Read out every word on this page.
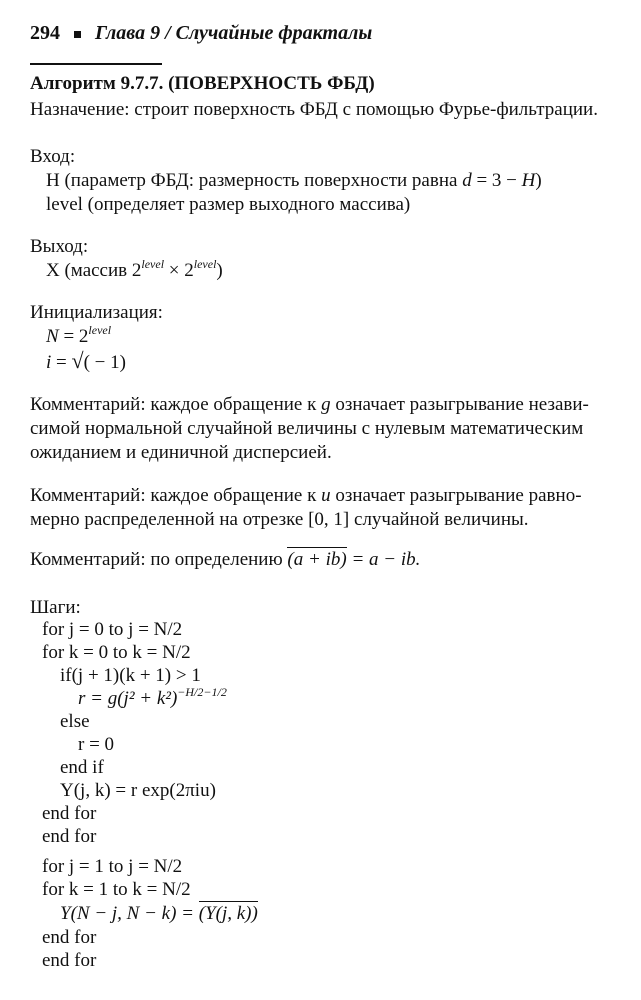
294 Глава 9 / Случайные фракталы
Алгоритм 9.7.7. (ПОВЕРХНОСТЬ ФБД)
Назначение: строит поверхность ФБД с помощью Фурье-фильтрации.
Вход:
H (параметр ФБД: размерность поверхности равна d = 3 − H)
level (определяет размер выходного массива)
Выход:
X (массив $2^{level} \times 2^{level}$)
Инициализация:
$N = 2^{level}$
i = √( − 1)
Комментарий: каждое обращение к g означает разыгрывание незави-
симой нормальной случайной величины с нулевым математическим
ожиданием и единичной дисперсией.
Комментарий: каждое обращение к u означает разыгрывание равно-
мерно распределенной на отрезке [0, 1] случайной величины.
Комментарий: по определению (a + ib) = a − ib.
Шаги:
for j = 0 to j = N/2
for k = 0 to k = N/2
if(j + 1)(k + 1) > 1
$r = g(j^2 + k^2)^{-H/2-1/2}$
else
r = 0
end if
Y(j, k) = r exp(2πiu)
end for
end for
for j = 1 to j = N/2
for k = 1 to k = N/2
Y(N − j, N − k) = (Y(j, k))
end for
end for
